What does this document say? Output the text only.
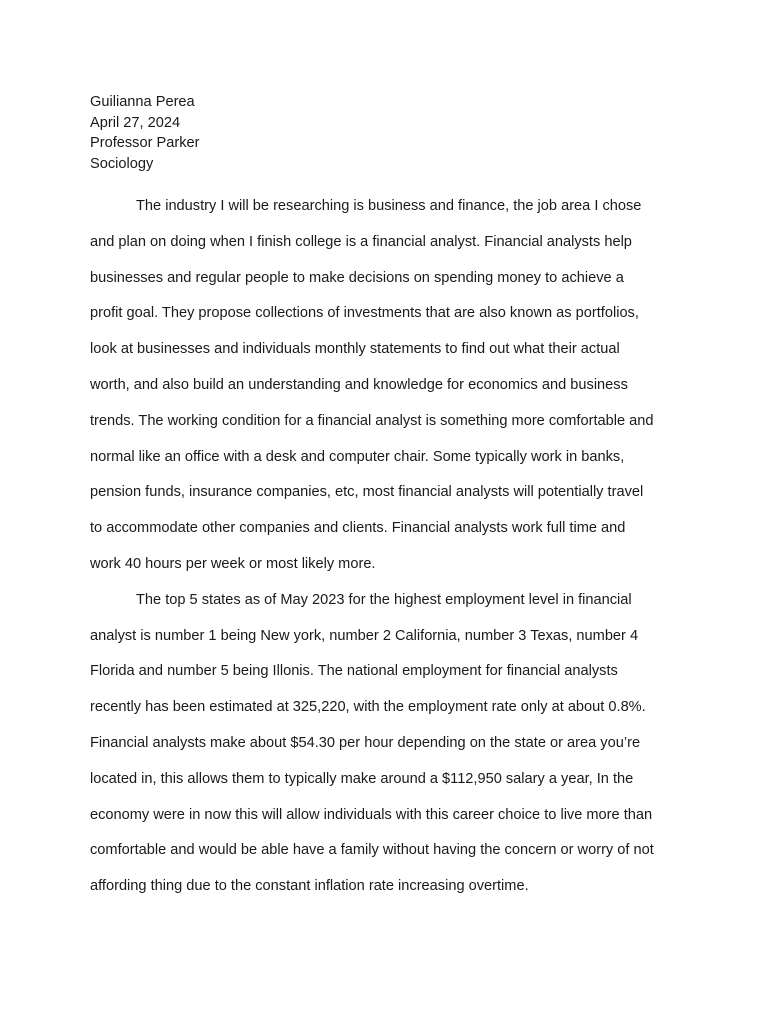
Guilianna Perea
April 27, 2024
Professor Parker
Sociology
The industry I will be researching is business and finance, the job area I chose
and plan on doing when I finish college is a financial analyst. Financial analysts help
businesses and regular people to make decisions on spending money to achieve a
profit goal. They propose collections of investments that are also known as portfolios,
look at businesses and individuals monthly statements to find out what their actual
worth, and also build an understanding and knowledge for economics and business
trends. The working condition for a financial analyst is something more comfortable and
normal like an office with a desk and computer chair. Some typically work in banks,
pension funds, insurance companies, etc, most financial analysts will potentially travel
to accommodate other companies and clients. Financial analysts work full time and
work 40 hours per week or most likely more.
The top 5 states as of May 2023 for the highest employment level in financial
analyst is number 1 being New york, number 2 California, number 3 Texas, number 4
Florida and number 5 being Illonis. The national employment for financial analysts
recently has been estimated at 325,220, with the employment rate only at about 0.8%.
Financial analysts make about $54.30 per hour depending on the state or area you’re
located in, this allows them to typically make around a $112,950 salary a year, In the
economy were in now this will allow individuals with this career choice to live more than
comfortable and would be able have a family without having the concern or worry of not
affording thing due to the constant inflation rate increasing overtime.
